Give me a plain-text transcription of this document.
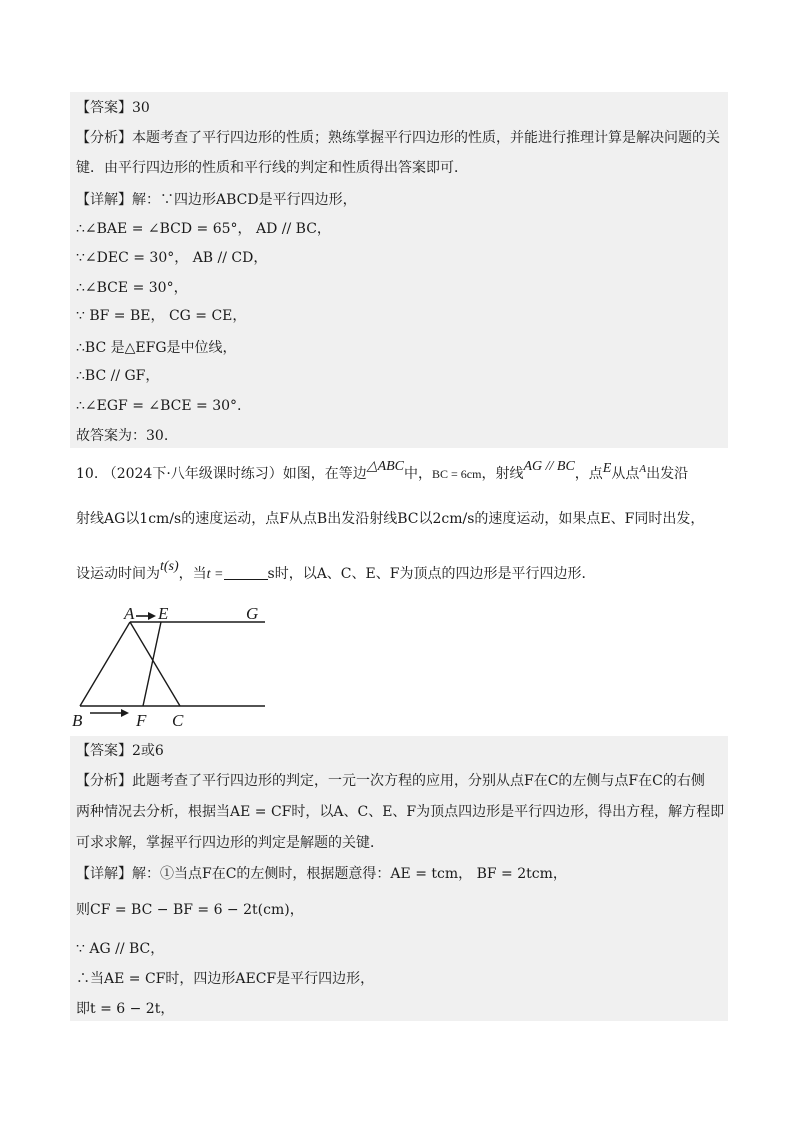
【答案】30
【分析】本题考查了平行四边形的性质；熟练掌握平行四边形的性质，并能进行推理计算是解决问题的关
键．由平行四边形的性质和平行线的判定和性质得出答案即可．
【详解】解：∵四边形ABCD是平行四边形，
∴∠BAE = ∠BCD = 65°， AD // BC，
∵∠DEC = 30°， AB // CD，
∴∠BCE = 30°，
∵ BF = BE， CG = CE，
∴BC 是△EFG是中位线，
∴BC // GF，
∴∠EGF = ∠BCE = 30°.
故答案为：30.
10. （2024下·八年级课时练习）如图，在等边△ABC中，BC = 6cm，射线AG // BC，点E从点$^A$出发沿
射线AG以1cm/s的速度运动，点F从点B出发沿射线BC以2cm/s的速度运动，如果点E、F同时出发，
设运动时间为t(s)，当t =	s时，以A、C、E、F为顶点的四边形是平行四边形．
A E	G
B	F C
【答案】2或6
【分析】此题考查了平行四边形的判定，一元一次方程的应用，分别从点F在C的左侧与点F在C的右侧
两种情况去分析，根据当AE = CF时，以A、C、E、F为顶点四边形是平行四边形，得出方程，解方程即
可求求解，掌握平行四边形的判定是解题的关键．
【详解】解：①当点F在C的左侧时，根据题意得：AE = tcm， BF = 2tcm，
则CF = BC − BF = 6 − 2t(cm)，
∵ AG // BC，
∴当AE = CF时，四边形AECF是平行四边形，
即t = 6 − 2t，
